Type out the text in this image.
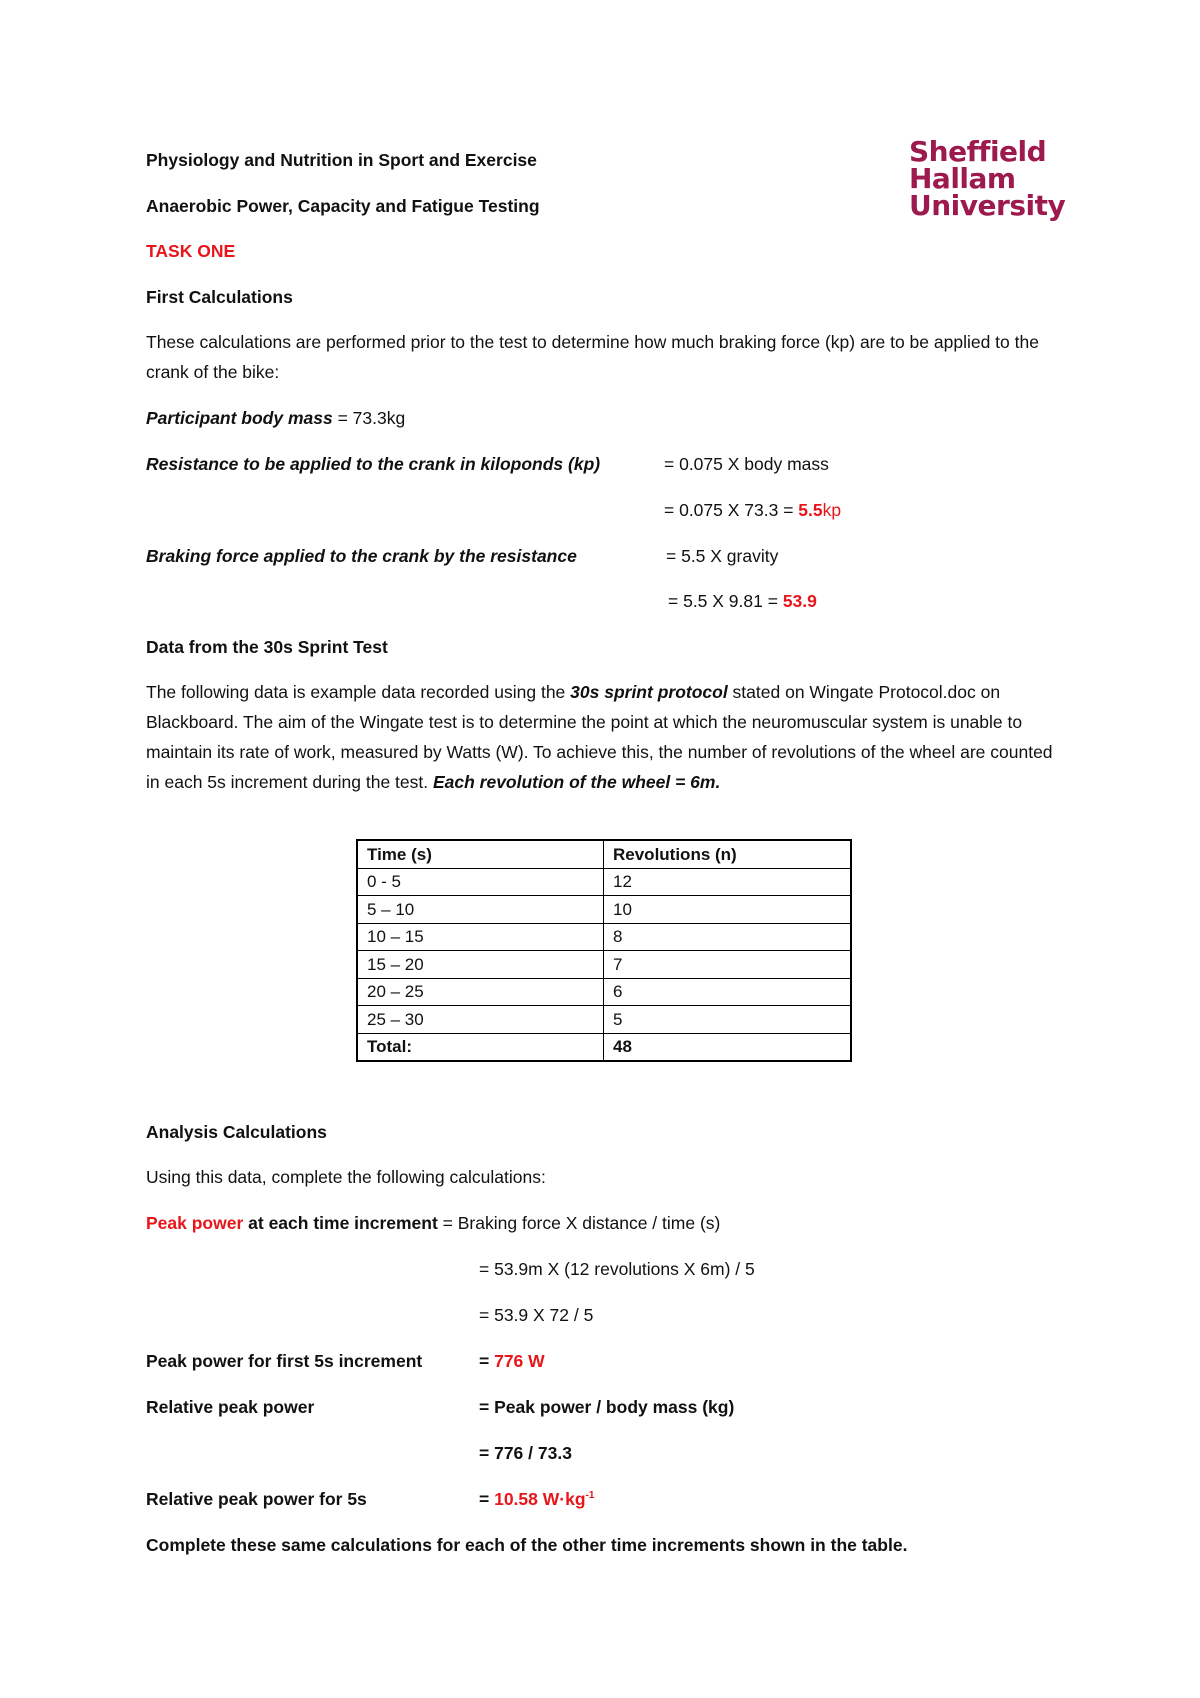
Physiology and Nutrition in Sport and Exercise
Anaerobic Power, Capacity and Fatigue Testing
TASK ONE
Sheffield
Hallam
University
First Calculations
These calculations are performed prior to the test to determine how much braking force (kp) are to be applied to the crank of the bike:
Participant body mass = 73.3kg
Resistance to be applied to the crank in kiloponds (kp)	= 0.075 X body mass
= 0.075 X 73.3 = 5.5kp
Braking force applied to the crank by the resistance	= 5.5 X gravity
= 5.5 X 9.81 = 53.9
Data from the 30s Sprint Test
The following data is example data recorded using the 30s sprint protocol stated on Wingate Protocol.doc on Blackboard. The aim of the Wingate test is to determine the point at which the neuromuscular system is unable to maintain its rate of work, measured by Watts (W). To achieve this, the number of revolutions of the wheel are counted in each 5s increment during the test. Each revolution of the wheel = 6m.
Time (s)	Revolutions (n)
0 - 5	12
5 – 10	10
10 – 15	8
15 – 20	7
20 – 25	6
25 – 30	5
Total:	48
Analysis Calculations
Using this data, complete the following calculations:
Peak power at each time increment = Braking force X distance / time (s)
= 53.9m X (12 revolutions X 6m) / 5
= 53.9 X 72 / 5
Peak power for first 5s increment	= 776 W
Relative peak power	= Peak power / body mass (kg)
= 776 / 73.3
Relative peak power for 5s	= 10.58 $W\cdot kg^{-1}$
Complete these same calculations for each of the other time increments shown in the table.
